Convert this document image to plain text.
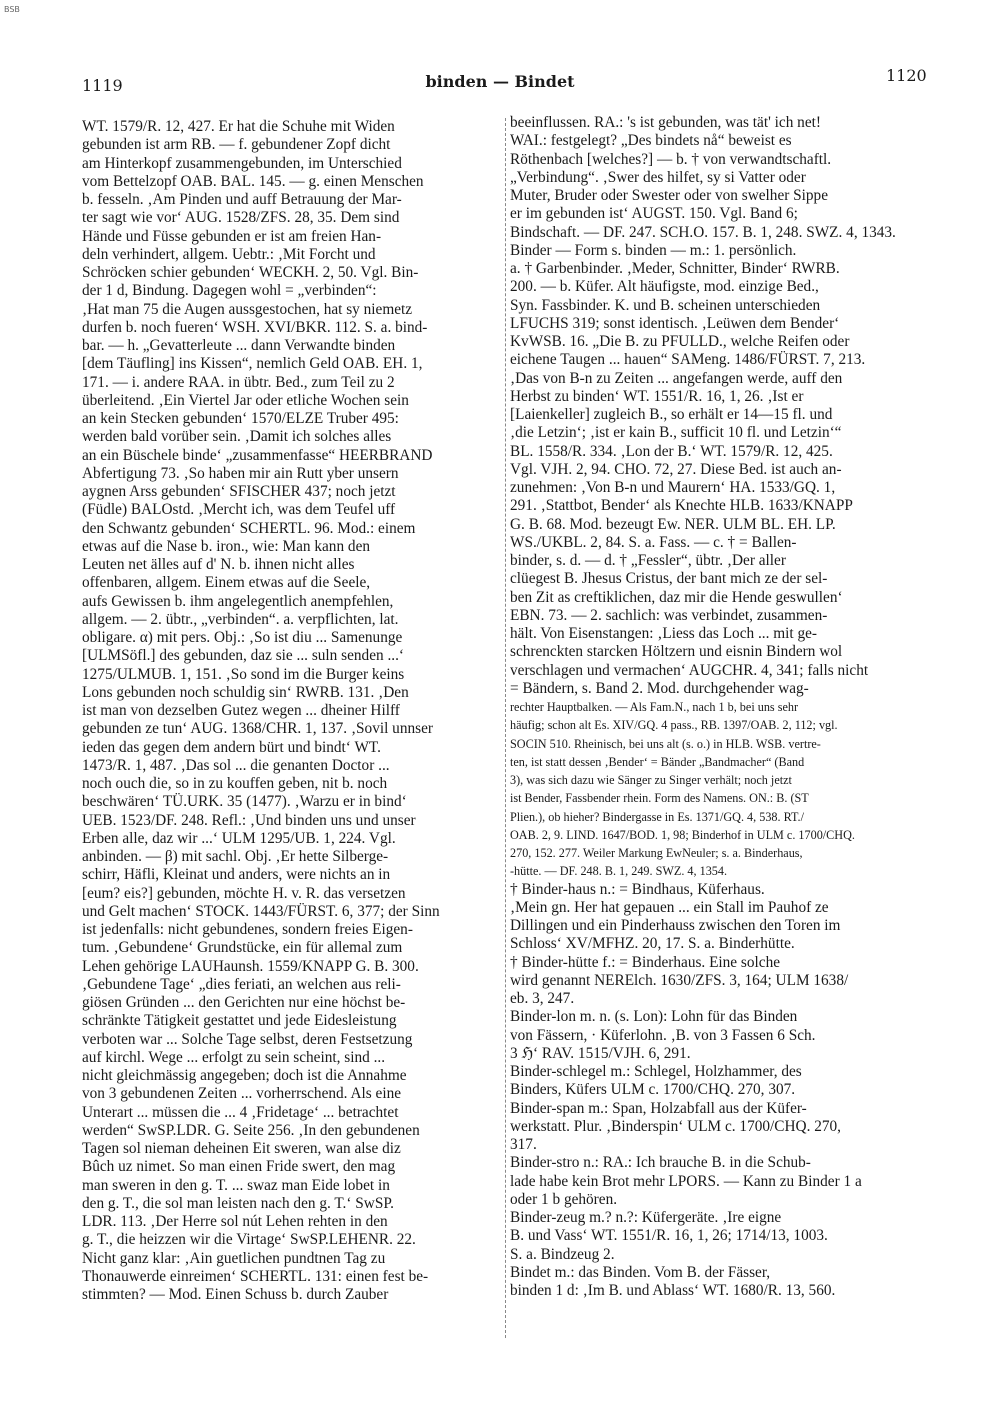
BSB
1119	binden — Bindet	1120
WT. 1579/R. 12, 427. Er hat die Schuhe mit Widen
gebunden ist arm RB. — f. gebundener Zopf dicht
am Hinterkopf zusammengebunden, im Unterschied
vom Bettelzopf OAB. BAL. 145. — g. einen Menschen
b. fesseln. ‚Am Pinden und auff Betrauung der Mar-
ter sagt wie vor‘ AUG. 1528/ZFS. 28, 35. Dem sind
Hände und Füsse gebunden er ist am freien Han-
deln verhindert, allgem. Uebtr.: ‚Mit Forcht und
Schröcken schier gebunden‘ WECKH. 2, 50. Vgl. Bin-
der 1 d, Bindung. Dagegen wohl = „verbinden“:
‚Hat man 75 die Augen aussgestochen, hat sy niemetz
durfen b. noch fueren‘ WSH. XVI/BKR. 112. S. a. bind-
bar. — h. „Gevatterleute ... dann Verwandte binden
[dem Täufling] ins Kissen“, nemlich Geld OAB. EH. 1,
171. — i. andere RAA. in übtr. Bed., zum Teil zu 2
überleitend. ‚Ein Viertel Jar oder etliche Wochen sein
an kein Stecken gebunden‘ 1570/ELZE Truber 495:
werden bald vorüber sein. ‚Damit ich solches alles
an ein Büschele binde‘ „zusammenfasse“ HEERBRAND
Abfertigung 73. ‚So haben mir ain Rutt yber unsern
aygnen Arss gebunden‘ SFISCHER 437; noch jetzt
(Füdle) BALOstd. ‚Mercht ich, was dem Teufel uff
den Schwantz gebunden‘ SCHERTL. 96. Mod.: einem
etwas auf die Nase b. iron., wie: Man kann den
Leuten net älles auf d' N. b. ihnen nicht alles
offenbaren, allgem. Einem etwas auf die Seele,
aufs Gewissen b. ihm angelegentlich anempfehlen,
allgem. — 2. übtr., „verbinden“. a. verpflichten, lat.
obligare. α) mit pers. Obj.: ‚So ist diu ... Samenunge
[ULMSöfl.] des gebunden, daz sie ... suln senden ...‘
1275/ULMUB. 1, 151. ‚So sond im die Burger keins
Lons gebunden noch schuldig sin‘ RWRB. 131. ‚Den
ist man von dezselben Gutez wegen ... dheiner Hilff
gebunden ze tun‘ AUG. 1368/CHR. 1, 137. ‚Sovil unnser
ieden das gegen dem andern bürt und bindt‘ WT.
1473/R. 1, 487. ‚Das sol ... die genanten Doctor ...
noch ouch die, so in zu kouffen geben, nit b. noch
beschwären‘ TÜ.URK. 35 (1477). ‚Warzu er in bind‘
UEB. 1523/DF. 248. Refl.: ‚Und binden uns und unser
Erben alle, daz wir ...‘ ULM 1295/UB. 1, 224. Vgl.
anbinden. — β) mit sachl. Obj. ‚Er hette Silberge-
schirr, Häfli, Kleinat und anders, were nichts an in
[eum? eis?] gebunden, möchte H. v. R. das versetzen
und Gelt machen‘ STOCK. 1443/FÜRST. 6, 377; der Sinn
ist jedenfalls: nicht gebundenes, sondern freies Eigen-
tum. ‚Gebundene‘ Grundstücke, ein für allemal zum
Lehen gehörige LAUHaunsh. 1559/KNAPP G. B. 300.
‚Gebundene Tage‘ „dies feriati, an welchen aus reli-
giösen Gründen ... den Gerichten nur eine höchst be-
schränkte Tätigkeit gestattet und jede Eidesleistung
verboten war ... Solche Tage selbst, deren Festsetzung
auf kirchl. Wege ... erfolgt zu sein scheint, sind ...
nicht gleichmässig angegeben; doch ist die Annahme
von 3 gebundenen Zeiten ... vorherrschend. Als eine
Unterart ... müssen die ... 4 ‚Fridetage‘ ... betrachtet
werden“ SwSP.LDR. G. Seite 256. ‚In den gebundenen
Tagen sol nieman deheinen Eit sweren, wan alse diz
Bûch uz nimet. So man einen Fride swert, den mag
man sweren in den g. T. ... swaz man Eide lobet in
den g. T., die sol man leisten nach den g. T.‘ SwSP.
LDR. 113. ‚Der Herre sol nút Lehen rehten in den
g. T., die heizzen wir die Virtage‘ SwSP.LEHENR. 22.
Nicht ganz klar: ‚Ain guetlichen pundtnen Tag zu
Thonauwerde einreimen‘ SCHERTL. 131: einen fest be-
stimmten? — Mod. Einen Schuss b. durch Zauber
beeinflussen. RA.: 's ist gebunden, was tät' ich net!
WAI.: festgelegt? „Des bindets nå“ beweist es
Röthenbach [welches?] — b. † von verwandtschaftl.
„Verbindung“. ‚Swer des hilfet, sy si Vatter oder
Muter, Bruder oder Swester oder von swelher Sippe
er im gebunden ist‘ AUGST. 150. Vgl. Band 6;
Bindschaft. — DF. 247. SCH.O. 157. B. 1, 248. SWZ. 4, 1343.
Binder — Form s. binden — m.: 1. persönlich.
a. † Garbenbinder. ‚Meder, Schnitter, Binder‘ RWRB.
200. — b. Küfer. Alt häufigste, mod. einzige Bed.,
Syn. Fassbinder. K. und B. scheinen unterschieden
LFUCHS 319; sonst identisch. ‚Leüwen dem Bender‘
KvWSB. 16. „Die B. zu PFULLD., welche Reifen oder
eichene Taugen ... hauen“ SAMeng. 1486/FÜRST. 7, 213.
‚Das von B-n zu Zeiten ... angefangen werde, auff den
Herbst zu binden‘ WT. 1551/R. 16, 1, 26. ‚Ist er
[Laienkeller] zugleich B., so erhält er 14—15 fl. und
‚die Letzin‘; ‚ist er kain B., sufficit 10 fl. und Letzin‘“
BL. 1558/R. 334. ‚Lon der B.‘ WT. 1579/R. 12, 425.
Vgl. VJH. 2, 94. CHO. 72, 27. Diese Bed. ist auch an-
zunehmen: ‚Von B-n und Maurern‘ HA. 1533/GQ. 1,
291. ‚Stattbot, Bender‘ als Knechte HLB. 1633/KNAPP
G. B. 68. Mod. bezeugt Ew. NER. ULM BL. EH. LP.
WS./UKBL. 2, 84. S. a. Fass. — c. † = Ballen-
binder, s. d. — d. † „Fessler“, übtr. ‚Der aller
clüegest B. Jhesus Cristus, der bant mich ze der sel-
ben Zit as creftiklichen, daz mir die Hende geswullen‘
EBN. 73. — 2. sachlich: was verbindet, zusammen-
hält. Von Eisenstangen: ‚Liess das Loch ... mit ge-
schrenckten starcken Höltzern und eisnin Bindern wol
verschlagen und vermachen‘ AUGCHR. 4, 341; falls nicht
= Bändern, s. Band 2. Mod. durchgehender wag-
rechter Hauptbalken. — Als Fam.N., nach 1 b, bei uns sehr
häufig; schon alt Es. XIV/GQ. 4 pass., RB. 1397/OAB. 2, 112; vgl.
SOCIN 510. Rheinisch, bei uns alt (s. o.) in HLB. WSB. vertre-
ten, ist statt dessen ‚Bender‘ = Bänder „Bandmacher“ (Band
3), was sich dazu wie Sänger zu Singer verhält; noch jetzt
ist Bender, Fassbender rhein. Form des Namens. ON.: B. (ST
Plien.), ob hieher? Bindergasse in Es. 1371/GQ. 4, 538. RT./
OAB. 2, 9. LIND. 1647/BOD. 1, 98; Binderhof in ULM c. 1700/CHQ.
270, 152. 277. Weiler Markung EwNeuler; s. a. Binderhaus,
-hütte. — DF. 248. B. 1, 249. SWZ. 4, 1354.
† Binder-haus n.: = Bindhaus, Küferhaus.
‚Mein gn. Her hat gepauen ... ein Stall im Pauhof ze
Dillingen und ein Pinderhauss zwischen den Toren im
Schloss‘ XV/MFHZ. 20, 17. S. a. Binderhütte.
† Binder-hütte f.: = Binderhaus. Eine solche
wird genannt NERElch. 1630/ZFS. 3, 164; ULM 1638/
eb. 3, 247.
Binder-lon m. n. (s. Lon): Lohn für das Binden
von Fässern, · Küferlohn. ‚B. von 3 Fassen 6 Sch.
3 ℌ‘ RAV. 1515/VJH. 6, 291.
Binder-schlegel m.: Schlegel, Holzhammer, des
Binders, Küfers ULM c. 1700/CHQ. 270, 307.
Binder-span m.: Span, Holzabfall aus der Küfer-
werkstatt. Plur. ‚Binderspin‘ ULM c. 1700/CHQ. 270,
317.
Binder-stro n.: RA.: Ich brauche B. in die Schub-
lade habe kein Brot mehr LPORS. — Kann zu Binder 1 a
oder 1 b gehören.
Binder-zeug m.? n.?: Küfergeräte. ‚Ire eigne
B. und Vass‘ WT. 1551/R. 16, 1, 26; 1714/13, 1003.
S. a. Bindzeug 2.
Bindet m.: das Binden. Vom B. der Fässer,
binden 1 d: ‚Im B. und Ablass‘ WT. 1680/R. 13, 560.
